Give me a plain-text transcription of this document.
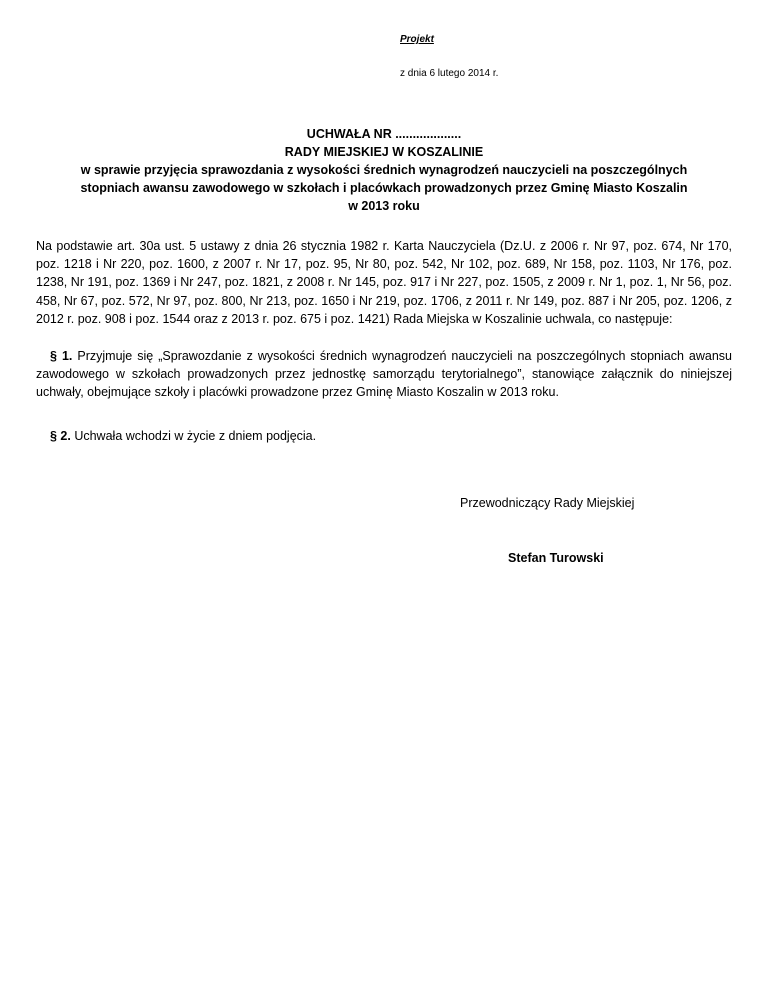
Projekt
z dnia 6 lutego 2014 r.
UCHWAŁA NR ...................
RADY MIEJSKIEJ W KOSZALINIE
w sprawie przyjęcia sprawozdania z wysokości średnich wynagrodzeń nauczycieli na poszczególnych
stopniach awansu zawodowego w szkołach i placówkach prowadzonych przez Gminę Miasto Koszalin
w 2013 roku
Na podstawie art. 30a ust. 5 ustawy z dnia 26 stycznia 1982 r. Karta Nauczyciela (Dz.U. z 2006 r. Nr 97, poz. 674, Nr 170, poz. 1218 i Nr 220, poz. 1600, z 2007 r. Nr 17, poz. 95, Nr 80, poz. 542, Nr 102, poz. 689, Nr 158, poz. 1103, Nr 176, poz. 1238, Nr 191, poz. 1369 i Nr 247, poz. 1821, z 2008 r. Nr 145, poz. 917 i Nr 227, poz. 1505, z 2009 r. Nr 1, poz. 1, Nr 56, poz. 458, Nr 67, poz. 572, Nr 97, poz. 800, Nr 213, poz. 1650 i Nr 219, poz. 1706, z 2011 r. Nr 149, poz. 887 i Nr 205, poz. 1206, z 2012 r. poz. 908 i poz. 1544 oraz z 2013 r. poz. 675 i poz. 1421) Rada Miejska w Koszalinie uchwala, co następuje:
§ 1. Przyjmuje się „Sprawozdanie z wysokości średnich wynagrodzeń nauczycieli na poszczególnych stopniach awansu zawodowego w szkołach prowadzonych przez jednostkę samorządu terytorialnego”, stanowiące załącznik do niniejszej uchwały, obejmujące szkoły i placówki prowadzone przez Gminę Miasto Koszalin w 2013 roku.
§ 2. Uchwała wchodzi w życie z dniem podjęcia.
Przewodniczący Rady Miejskiej
Stefan Turowski
